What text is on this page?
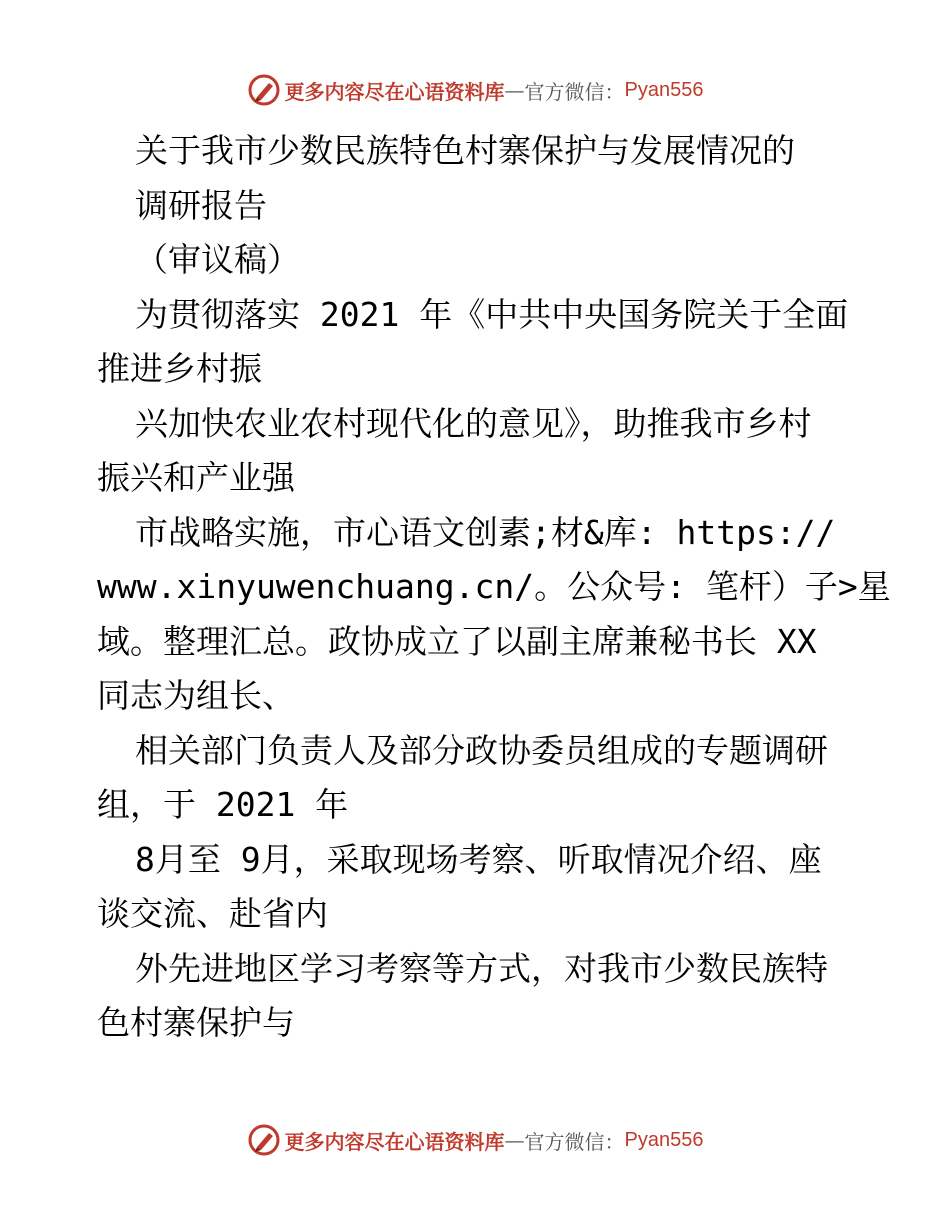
更多内容尽在心语资料库 — 官方微信： Pyan556
关于我市少数民族特色村寨保护与发展情况的
调研报告
（审议稿）
为贯彻落实 2021 年《中共中央国务院关于全面
推进乡村振
兴加快农业农村现代化的意见》，助推我市乡村
振兴和产业强
市战略实施，市心语文创素;材&库: https://
www.xinyuwenchuang.cn/。公众号: 笔杆）子>星
域。整理汇总。政协成立了以副主席兼秘书长 XX
同志为组长、
相关部门负责人及部分政协委员组成的专题调研
组，于 2021 年
8月至 9月，采取现场考察、听取情况介绍、座
谈交流、赴省内
外先进地区学习考察等方式，对我市少数民族特
色村寨保护与
更多内容尽在心语资料库 — 官方微信： Pyan556
